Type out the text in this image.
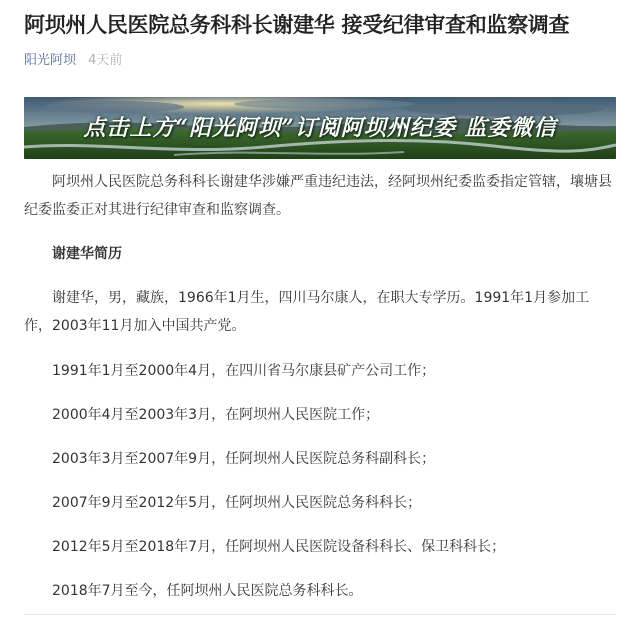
阿坝州人民医院总务科科长谢建华 接受纪律审查和监察调查
阳光阿坝 4天前
点击上方“阳光阿坝”订阅阿坝州纪委 监委微信
阿坝州人民医院总务科科长谢建华涉嫌严重违纪违法，经阿坝州纪委监委指定管辖，壤塘县纪委监委正对其进行纪律审查和监察调查。
谢建华简历
谢建华，男，藏族，1966年1月生，四川马尔康人，在职大专学历。1991年1月参加工作，2003年11月加入中国共产党。
1991年1月至2000年4月，在四川省马尔康县矿产公司工作；
2000年4月至2003年3月，在阿坝州人民医院工作；
2003年3月至2007年9月，任阿坝州人民医院总务科副科长；
2007年9月至2012年5月，任阿坝州人民医院总务科科长；
2012年5月至2018年7月，任阿坝州人民医院设备科科长、保卫科科长；
2018年7月至今，任阿坝州人民医院总务科科长。
